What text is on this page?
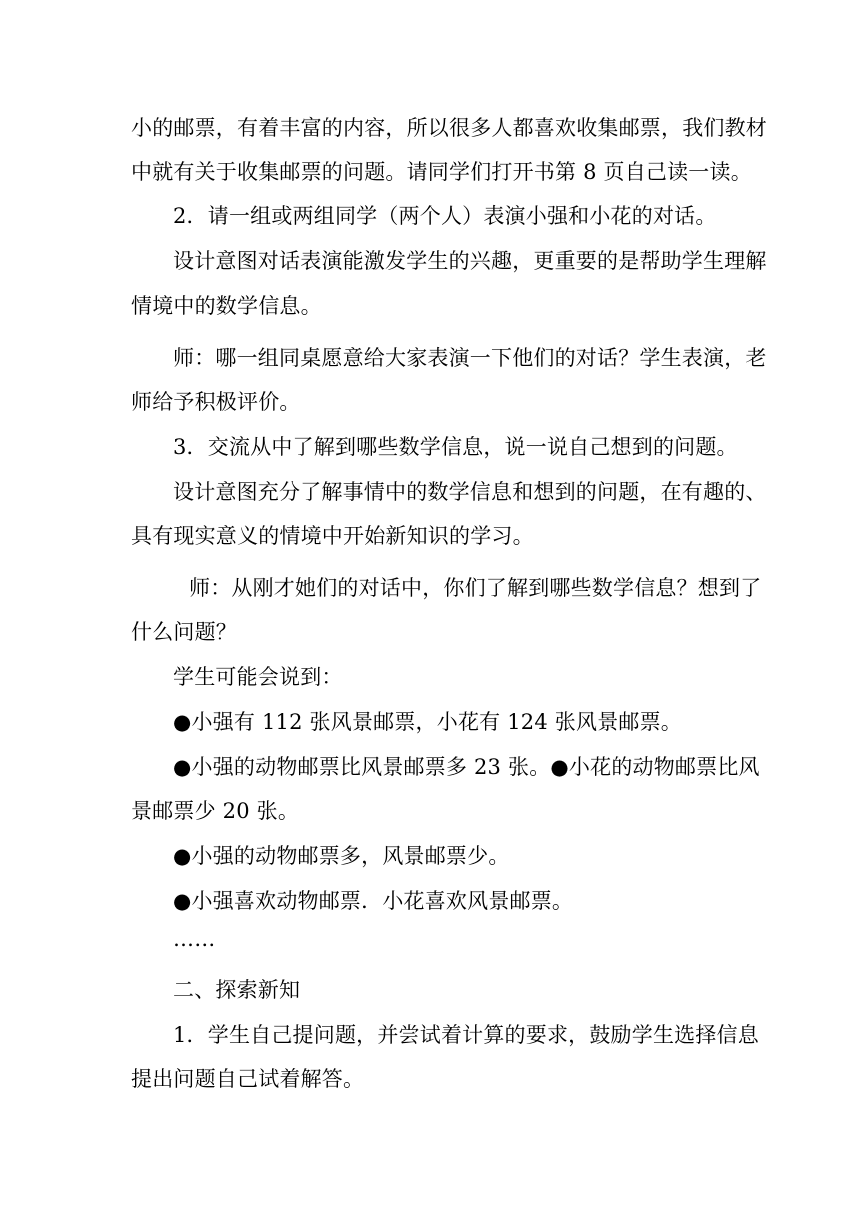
小的邮票，有着丰富的内容，所以很多人都喜欢收集邮票，我们教材
中就有关于收集邮票的问题。请同学们打开书第 8 页自己读一读。
2．请一组或两组同学（两个人）表演小强和小花的对话。
设计意图对话表演能激发学生的兴趣，更重要的是帮助学生理解
情境中的数学信息。
师：哪一组同桌愿意给大家表演一下他们的对话？学生表演，老
师给予积极评价。
3．交流从中了解到哪些数学信息，说一说自己想到的问题。
设计意图充分了解事情中的数学信息和想到的问题，在有趣的、
具有现实意义的情境中开始新知识的学习。
师：从刚才她们的对话中，你们了解到哪些数学信息？想到了
什么问题？
学生可能会说到：
●小强有 112 张风景邮票，小花有 124 张风景邮票。
●小强的动物邮票比风景邮票多 23 张。●小花的动物邮票比风
景邮票少 20 张。
●小强的动物邮票多，风景邮票少。
●小强喜欢动物邮票．小花喜欢风景邮票。
……
二、探索新知
1．学生自己提问题，并尝试着计算的要求，鼓励学生选择信息
提出问题自己试着解答。
